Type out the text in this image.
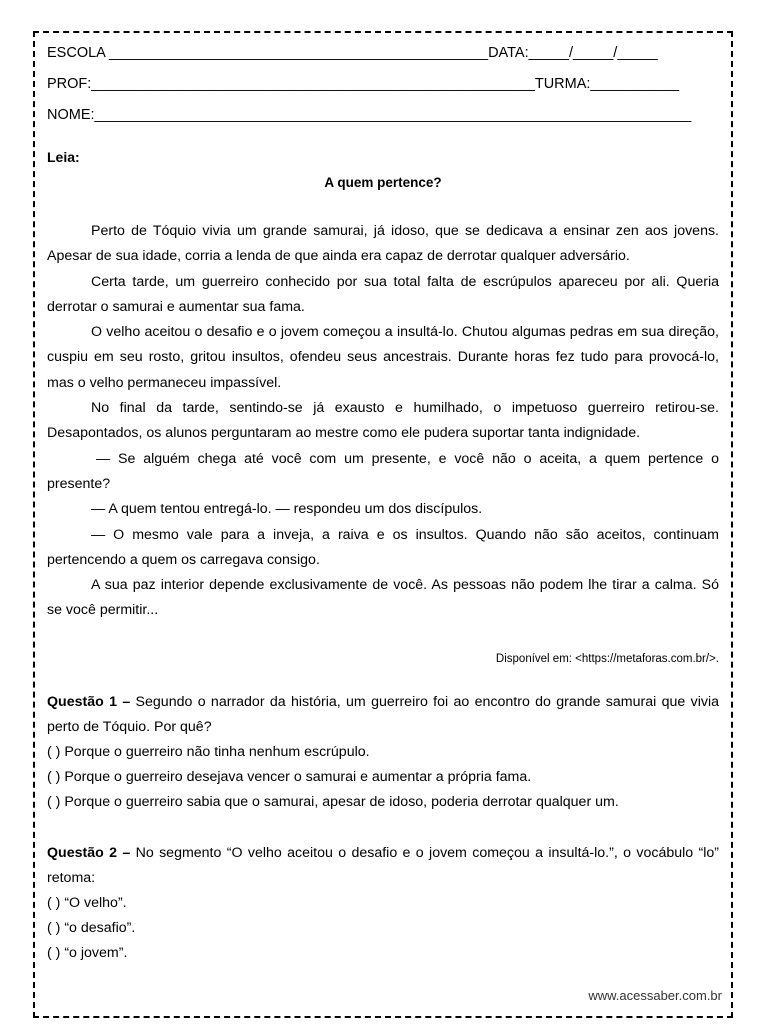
ESCOLA _______________________________________________DATA:_____/_____/_____
PROF:_______________________________________________________TURMA:___________
NOME:__________________________________________________________________________
Leia:
A quem pertence?

Perto de Tóquio vivia um grande samurai, já idoso, que se dedicava a ensinar zen aos jovens. Apesar de sua idade, corria a lenda de que ainda era capaz de derrotar qualquer adversário.

Certa tarde, um guerreiro conhecido por sua total falta de escrúpulos apareceu por ali. Queria derrotar o samurai e aumentar sua fama.

O velho aceitou o desafio e o jovem começou a insultá-lo. Chutou algumas pedras em sua direção, cuspiu em seu rosto, gritou insultos, ofendeu seus ancestrais. Durante horas fez tudo para provocá-lo, mas o velho permaneceu impassível.

No final da tarde, sentindo-se já exausto e humilhado, o impetuoso guerreiro retirou-se. Desapontados, os alunos perguntaram ao mestre como ele pudera suportar tanta indignidade.

— Se alguém chega até você com um presente, e você não o aceita, a quem pertence o presente?

— A quem tentou entregá-lo. — respondeu um dos discípulos.

— O mesmo vale para a inveja, a raiva e os insultos. Quando não são aceitos, continuam pertencendo a quem os carregava consigo.

A sua paz interior depende exclusivamente de você. As pessoas não podem lhe tirar a calma. Só se você permitir...

Disponível em: <https://metaforas.com.br/>.

Questão 1 – Segundo o narrador da história, um guerreiro foi ao encontro do grande samurai que vivia perto de Tóquio. Por quê?

( ) Porque o guerreiro não tinha nenhum escrúpulo.

( ) Porque o guerreiro desejava vencer o samurai e aumentar a própria fama.

( ) Porque o guerreiro sabia que o samurai, apesar de idoso, poderia derrotar qualquer um.

Questão 2 – No segmento “O velho aceitou o desafio e o jovem começou a insultá-lo.”, o vocábulo “lo” retoma:

( ) “O velho”.

( ) “o desafio”.

( ) “o jovem”.

www.acessaber.com.br
